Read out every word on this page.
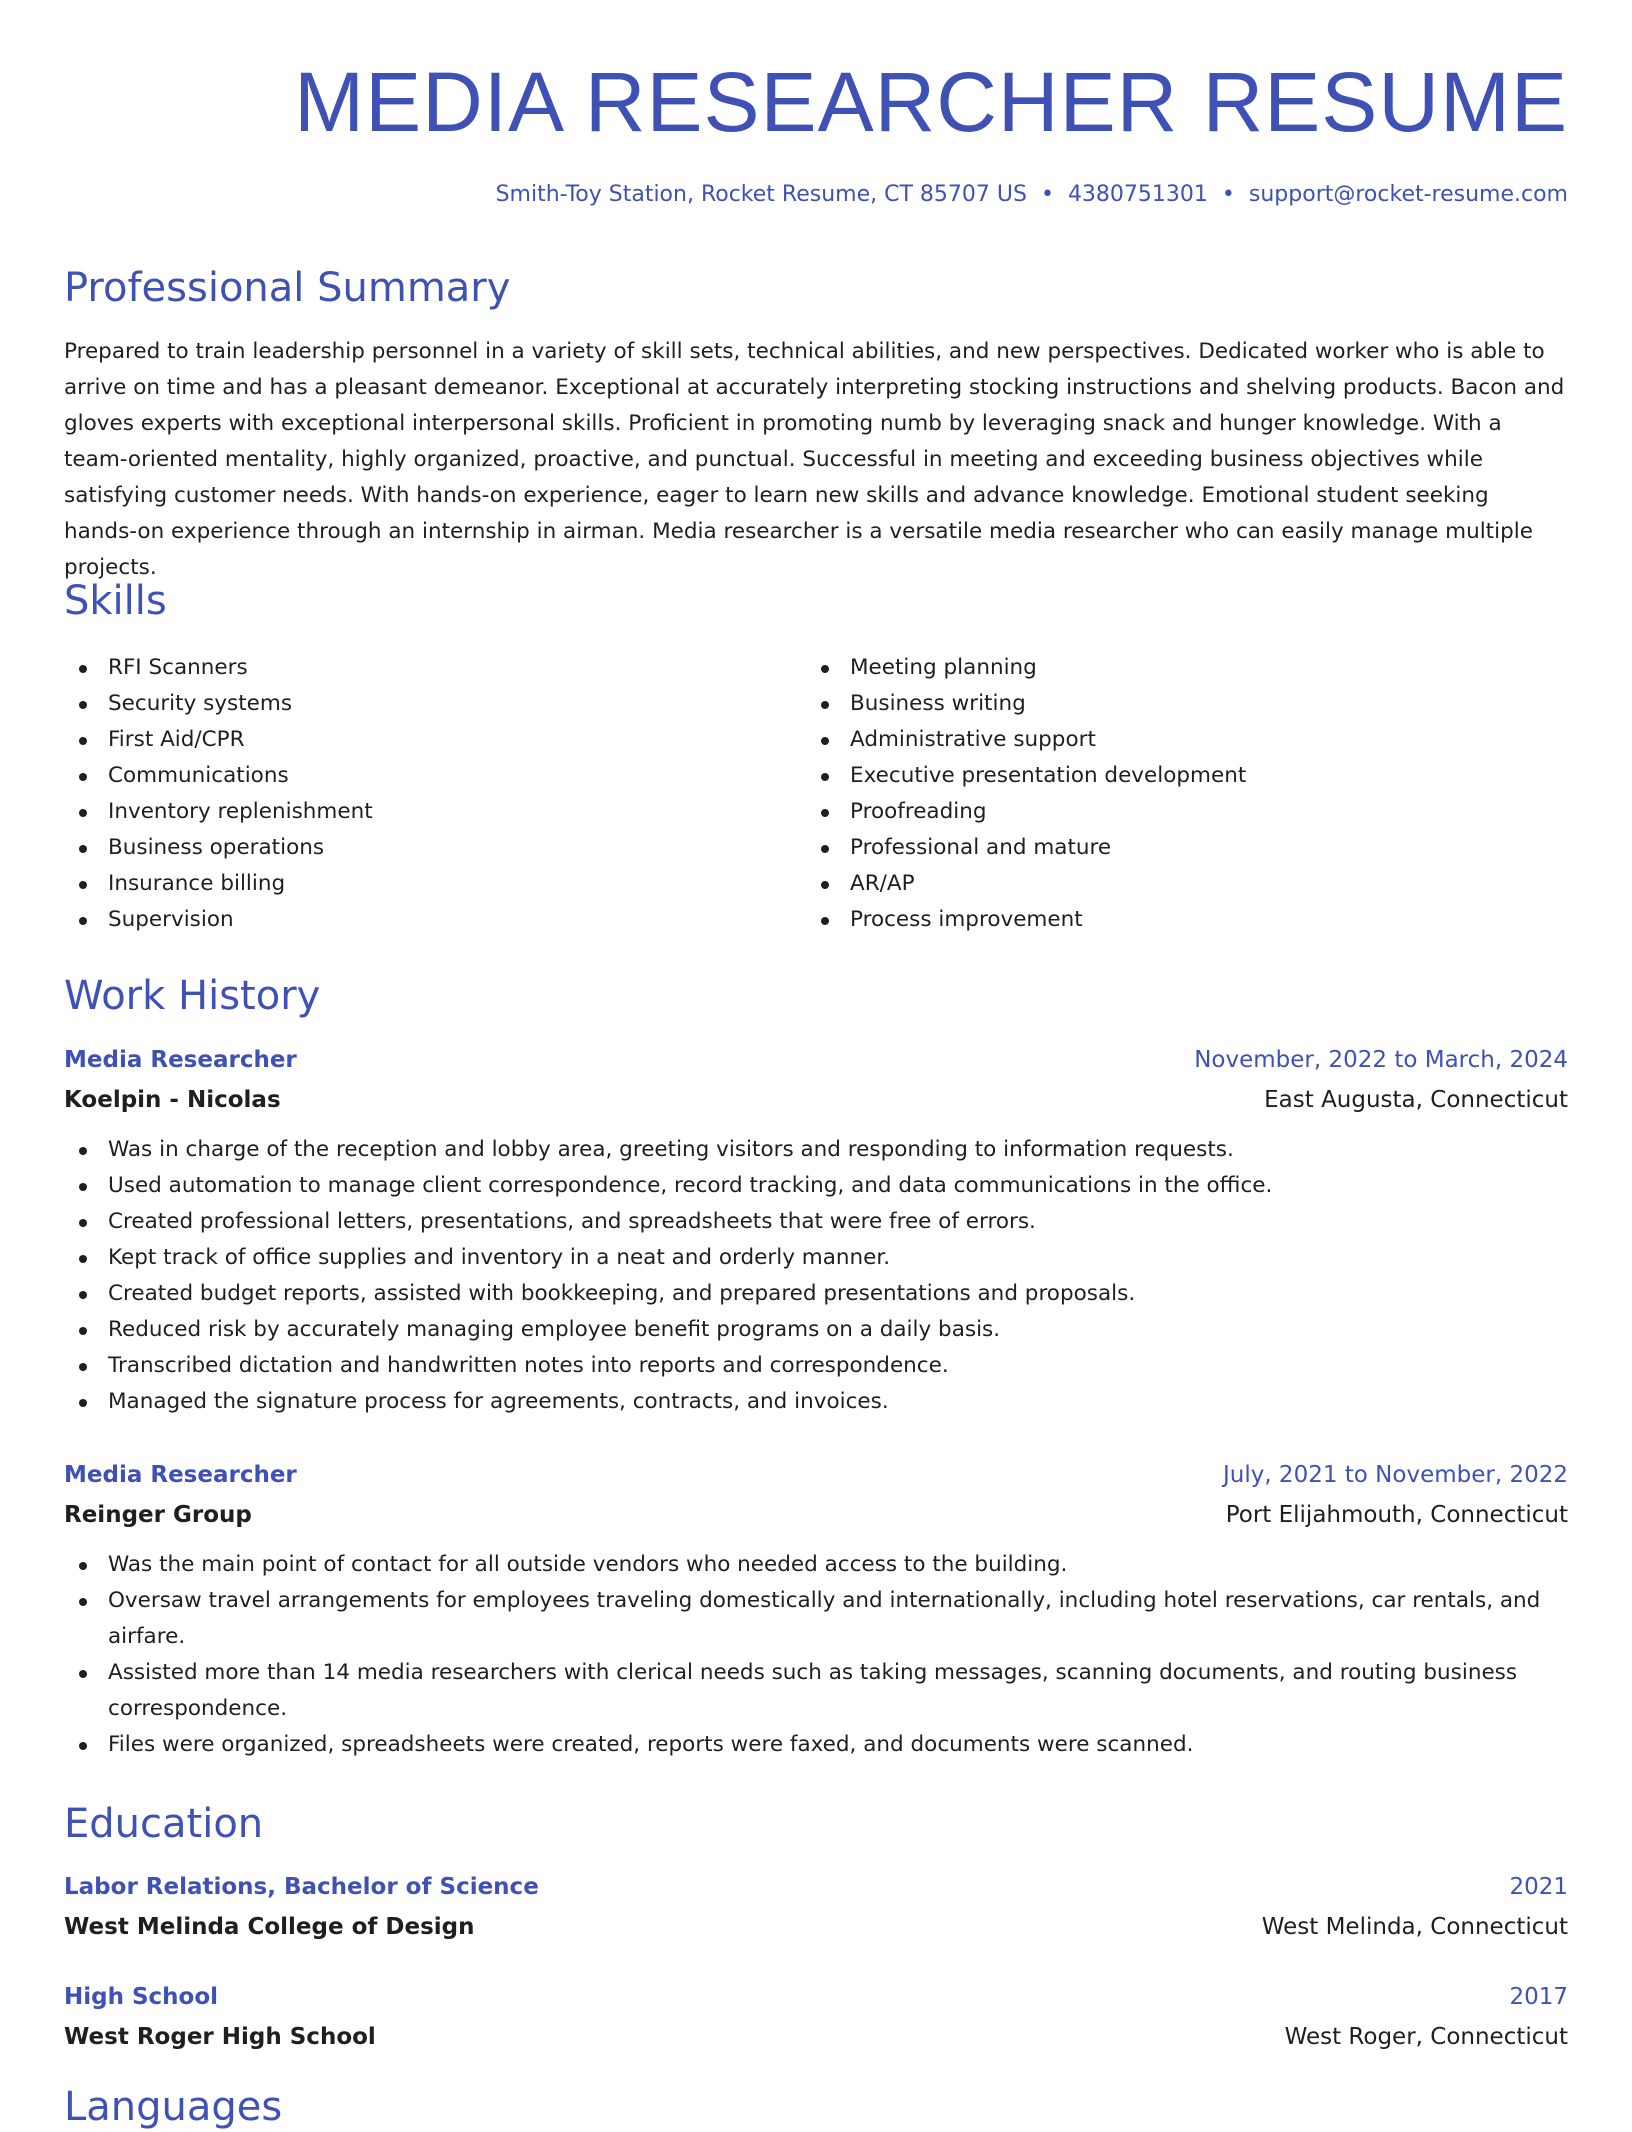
MEDIA RESEARCHER RESUME
Smith-Toy Station, Rocket Resume, CT 85707 US • 4380751301 • support@rocket-resume.com
Professional Summary

Prepared to train leadership personnel in a variety of skill sets, technical abilities, and new perspectives. Dedicated worker who is able to arrive on time and has a pleasant demeanor. Exceptional at accurately interpreting stocking instructions and shelving products. Bacon and gloves experts with exceptional interpersonal skills. Proficient in promoting numb by leveraging snack and hunger knowledge. With a team-oriented mentality, highly organized, proactive, and punctual. Successful in meeting and exceeding business objectives while satisfying customer needs. With hands-on experience, eager to learn new skills and advance knowledge. Emotional student seeking hands-on experience through an internship in airman. Media researcher is a versatile media researcher who can easily manage multiple projects.

Skills
RFI Scanners
Security systems
First Aid/CPR
Communications
Inventory replenishment
Business operations
Insurance billing
Supervision
Meeting planning
Business writing
Administrative support
Executive presentation development
Proofreading
Professional and mature
AR/AP
Process improvement
Work History
Media Researcher	November, 2022 to March, 2024
Koelpin - Nicolas	East Augusta, Connecticut
Was in charge of the reception and lobby area, greeting visitors and responding to information requests.
Used automation to manage client correspondence, record tracking, and data communications in the office.
Created professional letters, presentations, and spreadsheets that were free of errors.
Kept track of office supplies and inventory in a neat and orderly manner.
Created budget reports, assisted with bookkeeping, and prepared presentations and proposals.
Reduced risk by accurately managing employee benefit programs on a daily basis.
Transcribed dictation and handwritten notes into reports and correspondence.
Managed the signature process for agreements, contracts, and invoices.
Media Researcher	July, 2021 to November, 2022
Reinger Group	Port Elijahmouth, Connecticut
Was the main point of contact for all outside vendors who needed access to the building.
Oversaw travel arrangements for employees traveling domestically and internationally, including hotel reservations, car rentals, and airfare.
Assisted more than 14 media researchers with clerical needs such as taking messages, scanning documents, and routing business correspondence.
Files were organized, spreadsheets were created, reports were faxed, and documents were scanned.
Education
Labor Relations, Bachelor of Science	2021
West Melinda College of Design	West Melinda, Connecticut
High School	2017
West Roger High School	West Roger, Connecticut
Languages
